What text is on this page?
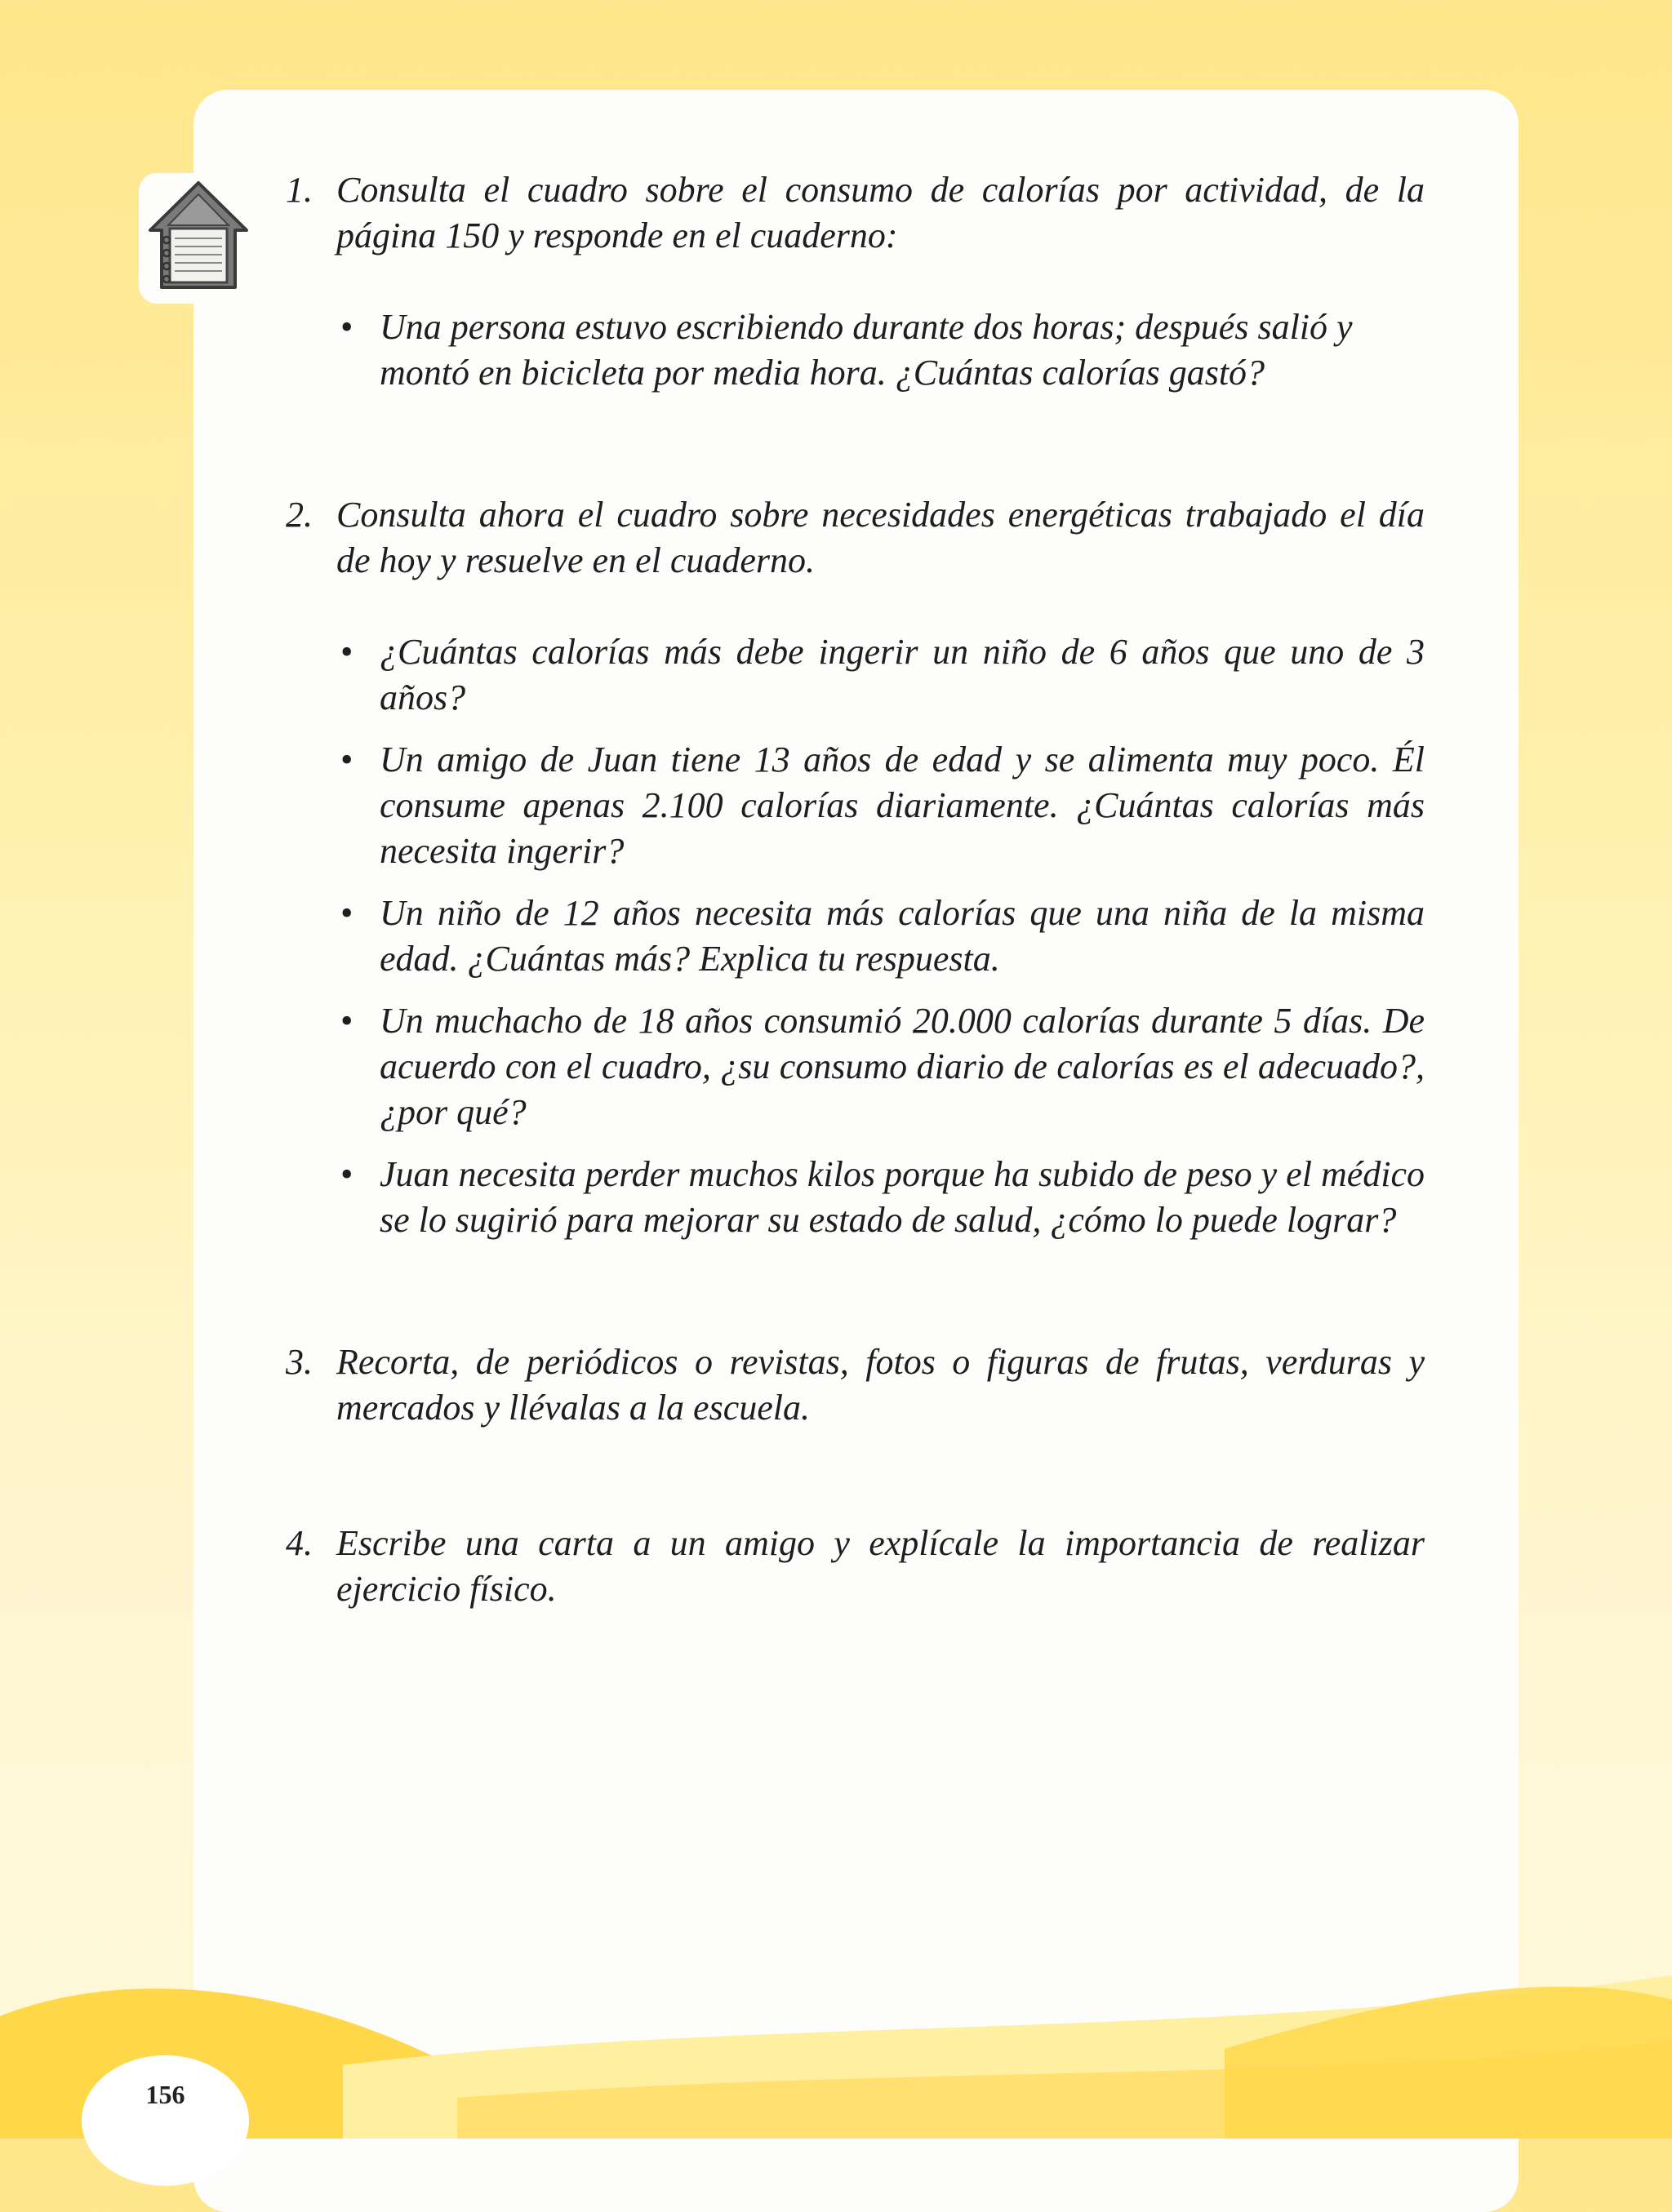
156
1. Consulta el cuadro sobre el consumo de calorías por actividad, de la página 150 y responde en el cuaderno:
• Una persona estuvo escribiendo durante dos horas; después salió y montó en bicicleta por media hora. ¿Cuántas calorías gastó?
2. Consulta ahora el cuadro sobre necesidades energéticas trabajado el día de hoy y resuelve en el cuaderno.
• ¿Cuántas calorías más debe ingerir un niño de 6 años que uno de 3 años?
• Un amigo de Juan tiene 13 años de edad y se alimenta muy poco. Él consume apenas 2.100 calorías diariamente. ¿Cuántas calorías más necesita ingerir?
• Un niño de 12 años necesita más calorías que una niña de la misma edad. ¿Cuántas más? Explica tu respuesta.
• Un muchacho de 18 años consumió 20.000 calorías durante 5 días. De acuerdo con el cuadro, ¿su consumo diario de calorías es el adecuado?, ¿por qué?
• Juan necesita perder muchos kilos porque ha subido de peso y el médico se lo sugirió para mejorar su estado de salud, ¿cómo lo puede lograr?
3. Recorta, de periódicos o revistas, fotos o figuras de frutas, verduras y mercados y llévalas a la escuela.
4. Escribe una carta a un amigo y explícale la importancia de realizar ejercicio físico.
